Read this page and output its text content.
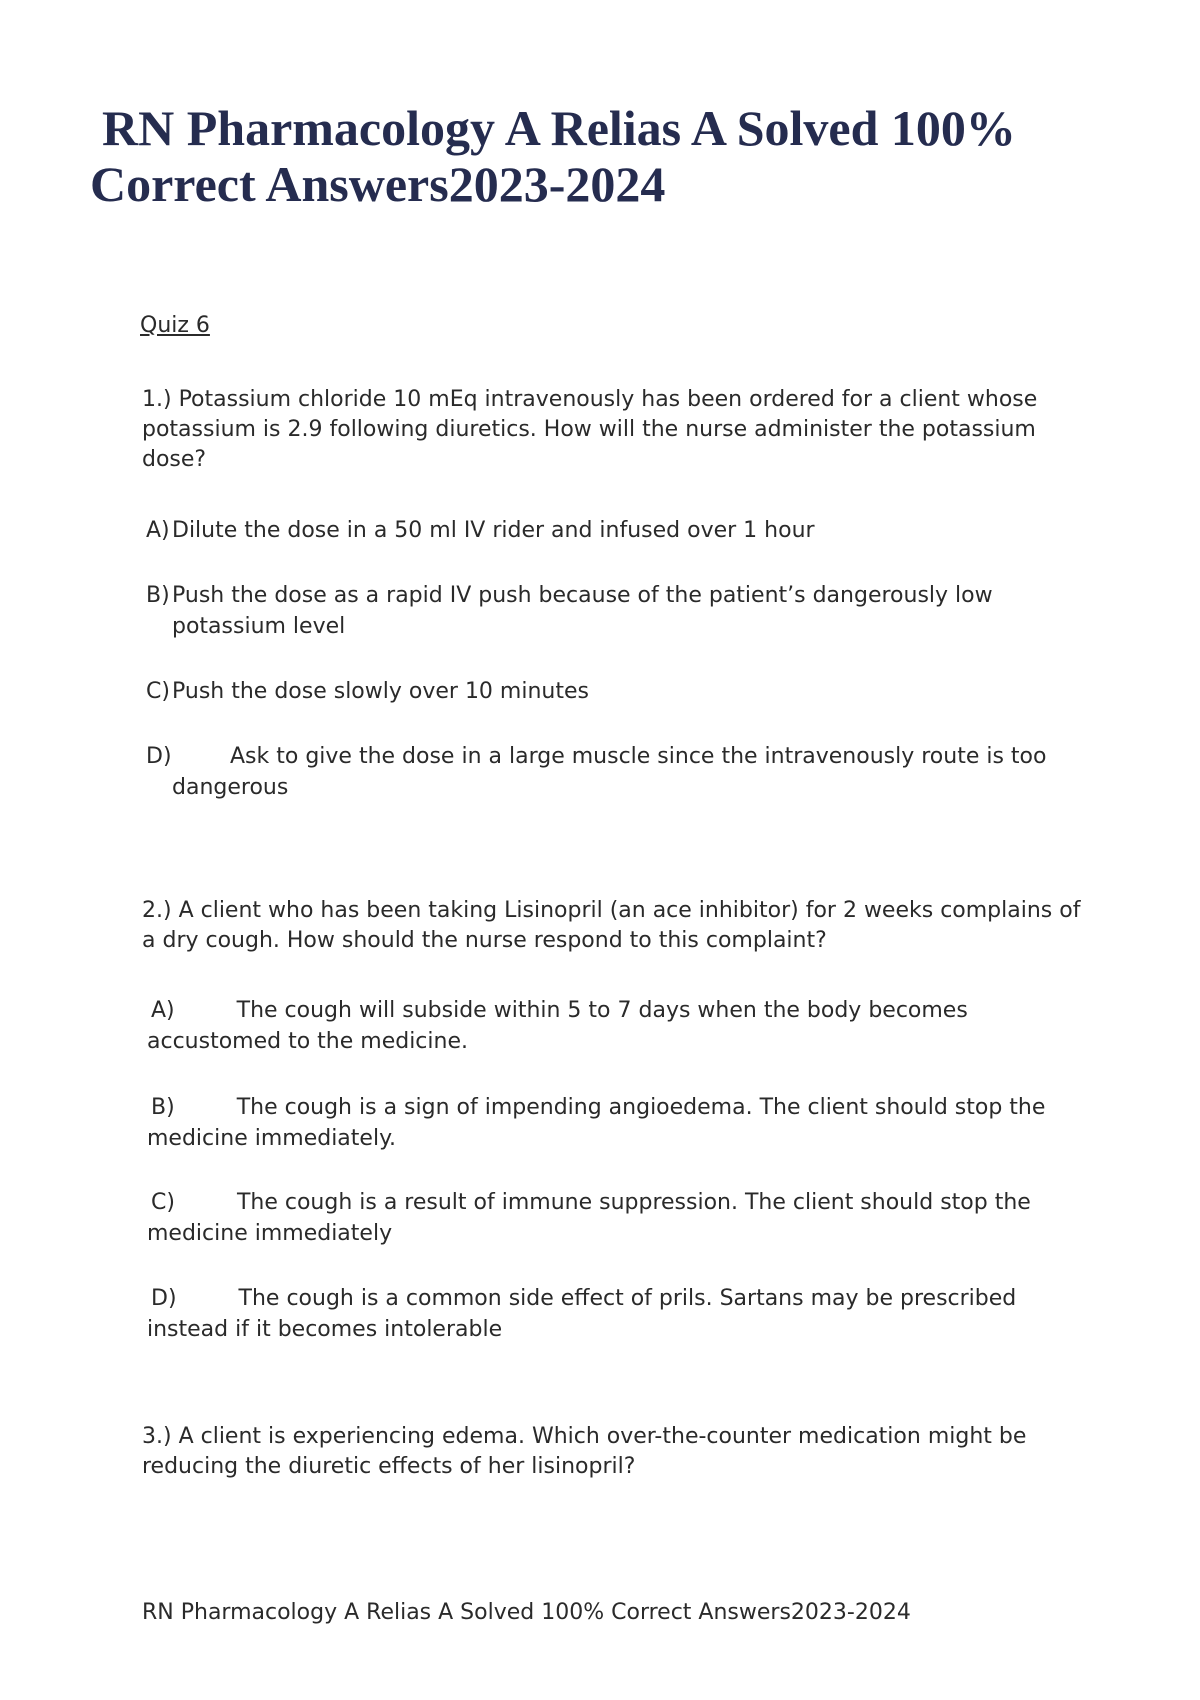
RN Pharmacology A Relias A Solved 100%
Correct Answers2023-2024
Quiz 6
1.) Potassium chloride 10 mEq intravenously has been ordered for a client whose potassium is 2.9 following diuretics. How will the nurse administer the potassium dose?
A) Dilute the dose in a 50 ml IV rider and infused over 1 hour
B) Push the dose as a rapid IV push because of the patient’s dangerously low
potassium level
C)Push the dose slowly over 10 minutes
D)	Ask to give the dose in a large muscle since the intravenously route is too
dangerous
2.) A client who has been taking Lisinopril (an ace inhibitor) for 2 weeks complains of a dry cough. How should the nurse respond to this complaint?
A)	The cough will subside within 5 to 7 days when the body becomes
accustomed to the medicine.
B)	The cough is a sign of impending angioedema. The client should stop the
medicine immediately.
C)	The cough is a result of immune suppression. The client should stop the
medicine immediately
D)	The cough is a common side effect of prils. Sartans may be prescribed
instead if it becomes intolerable
3.) A client is experiencing edema. Which over-the-counter medication might be reducing the diuretic effects of her lisinopril?
RN Pharmacology A Relias A Solved 100% Correct Answers2023-2024
